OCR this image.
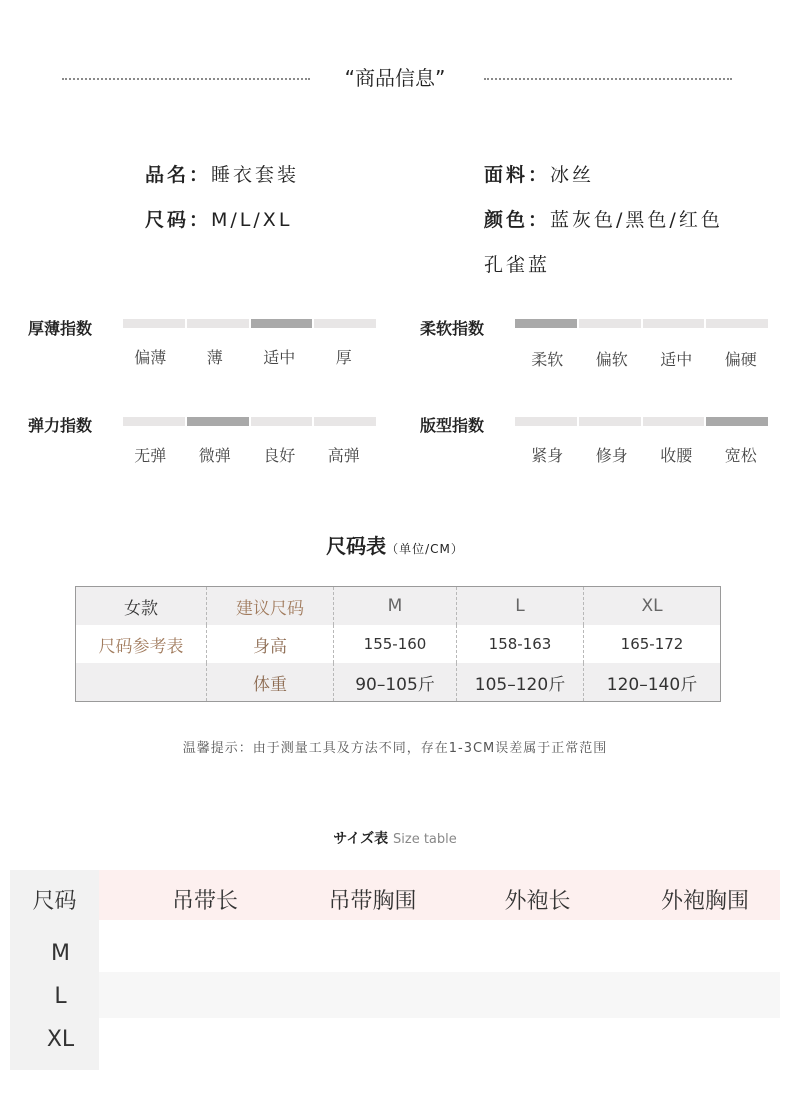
“商品信息”
品名：睡衣套装	面料：冰丝
尺码：M/L/XL	颜色：蓝灰色/黑色/红色
孔雀蓝
厚薄指数
偏薄	薄	适中	厚
柔软指数
柔软	偏软	适中	偏硬
弹力指数
无弹	微弹	良好	高弹
版型指数
紧身	修身	收腰	宽松
尺码表（单位/CM）
女款	建议尺码	M	L	XL
尺码参考表	身高	155-160	158-163	165-172
	体重	90–105斤	105–120斤	120–140斤
温馨提示：由于测量工具及方法不同，存在1-3CM误差属于正常范围
サイズ表 Size table
尺码	吊带长	吊带胸围	外袍长	外袍胸围
M
L
XL
